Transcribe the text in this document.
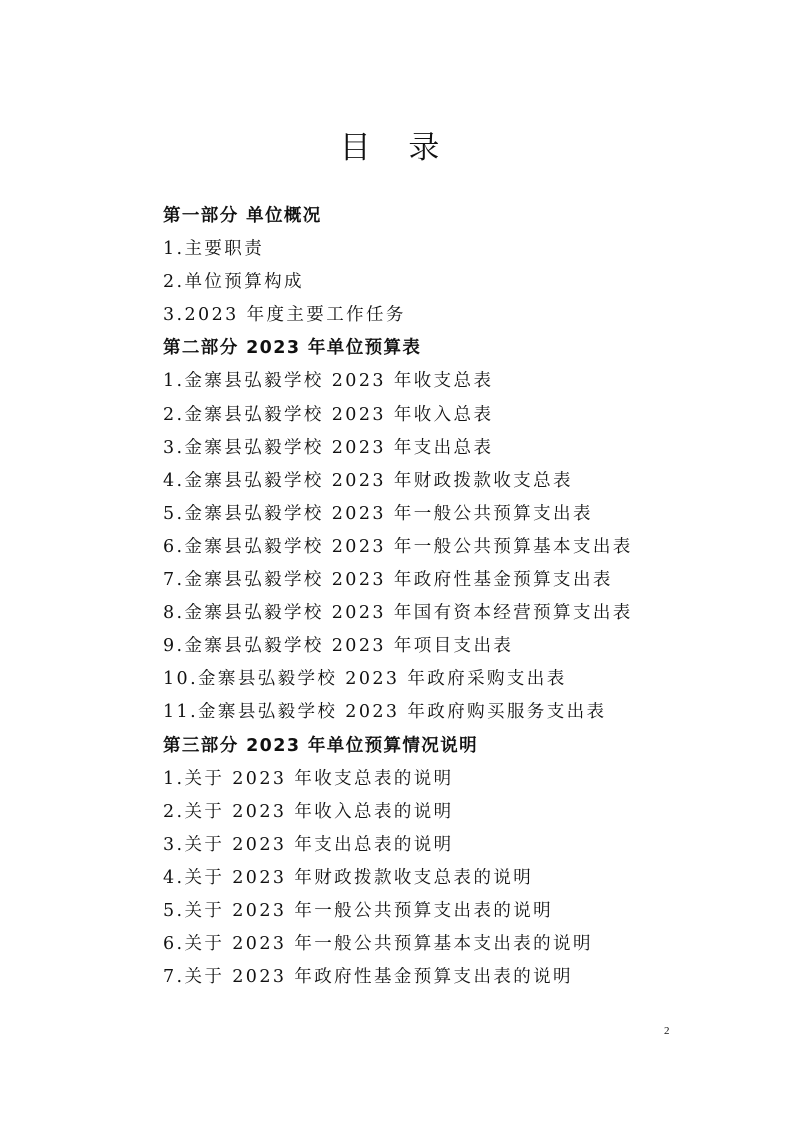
目 录
第一部分 单位概况
1.主要职责
2.单位预算构成
3.2023 年度主要工作任务
第二部分 2023 年单位预算表
1.金寨县弘毅学校 2023 年收支总表
2.金寨县弘毅学校 2023 年收入总表
3.金寨县弘毅学校 2023 年支出总表
4.金寨县弘毅学校 2023 年财政拨款收支总表
5.金寨县弘毅学校 2023 年一般公共预算支出表
6.金寨县弘毅学校 2023 年一般公共预算基本支出表
7.金寨县弘毅学校 2023 年政府性基金预算支出表
8.金寨县弘毅学校 2023 年国有资本经营预算支出表
9.金寨县弘毅学校 2023 年项目支出表
10.金寨县弘毅学校 2023 年政府采购支出表
11.金寨县弘毅学校 2023 年政府购买服务支出表
第三部分 2023 年单位预算情况说明
1.关于 2023 年收支总表的说明
2.关于 2023 年收入总表的说明
3.关于 2023 年支出总表的说明
4.关于 2023 年财政拨款收支总表的说明
5.关于 2023 年一般公共预算支出表的说明
6.关于 2023 年一般公共预算基本支出表的说明
7.关于 2023 年政府性基金预算支出表的说明
2
